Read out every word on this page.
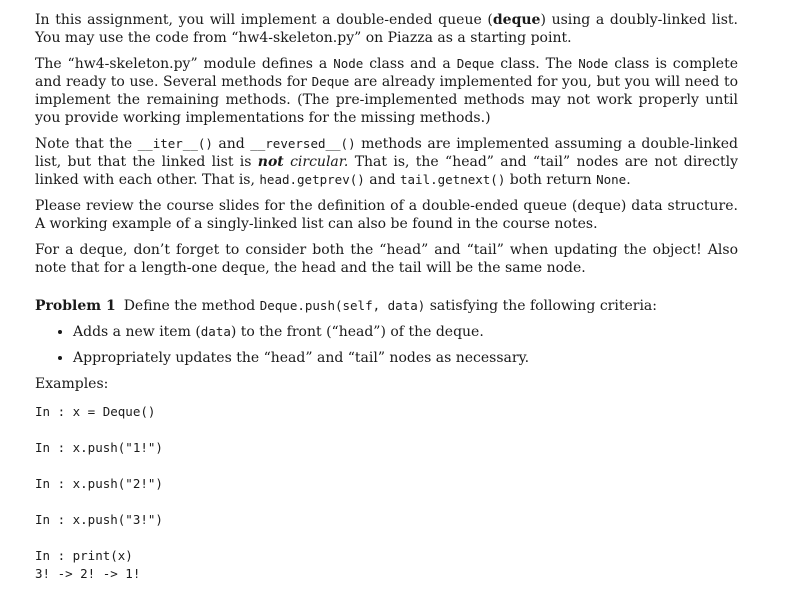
In this assignment, you will implement a double-ended queue (deque) using a doubly-linked list. You may use the code from “hw4-skeleton.py” on Piazza as a starting point.

The “hw4-skeleton.py” module defines a Node class and a Deque class. The Node class is complete and ready to use. Several methods for Deque are already implemented for you, but you will need to implement the remaining methods. (The pre-implemented methods may not work properly until you provide working implementations for the missing methods.)

Note that the __iter__() and __reversed__() methods are implemented assuming a double-linked list, but that the linked list is not circular. That is, the “head” and “tail” nodes are not directly linked with each other. That is, head.getprev() and tail.getnext() both return None.

Please review the course slides for the definition of a double-ended queue (deque) data structure. A working example of a singly-linked list can also be found in the course notes.

For a deque, don’t forget to consider both the “head” and “tail” when updating the object! Also note that for a length-one deque, the head and the tail will be the same node.

Problem 1 Define the method Deque.push(self, data) satisfying the following criteria:

• Adds a new item (data) to the front (“head”) of the deque.
• Appropriately updates the “head” and “tail” nodes as necessary.

Examples:

In : x = Deque()
In : x.push("1!")
In : x.push("2!")
In : x.push("3!")
In : print(x)
3! -> 2! -> 1!
